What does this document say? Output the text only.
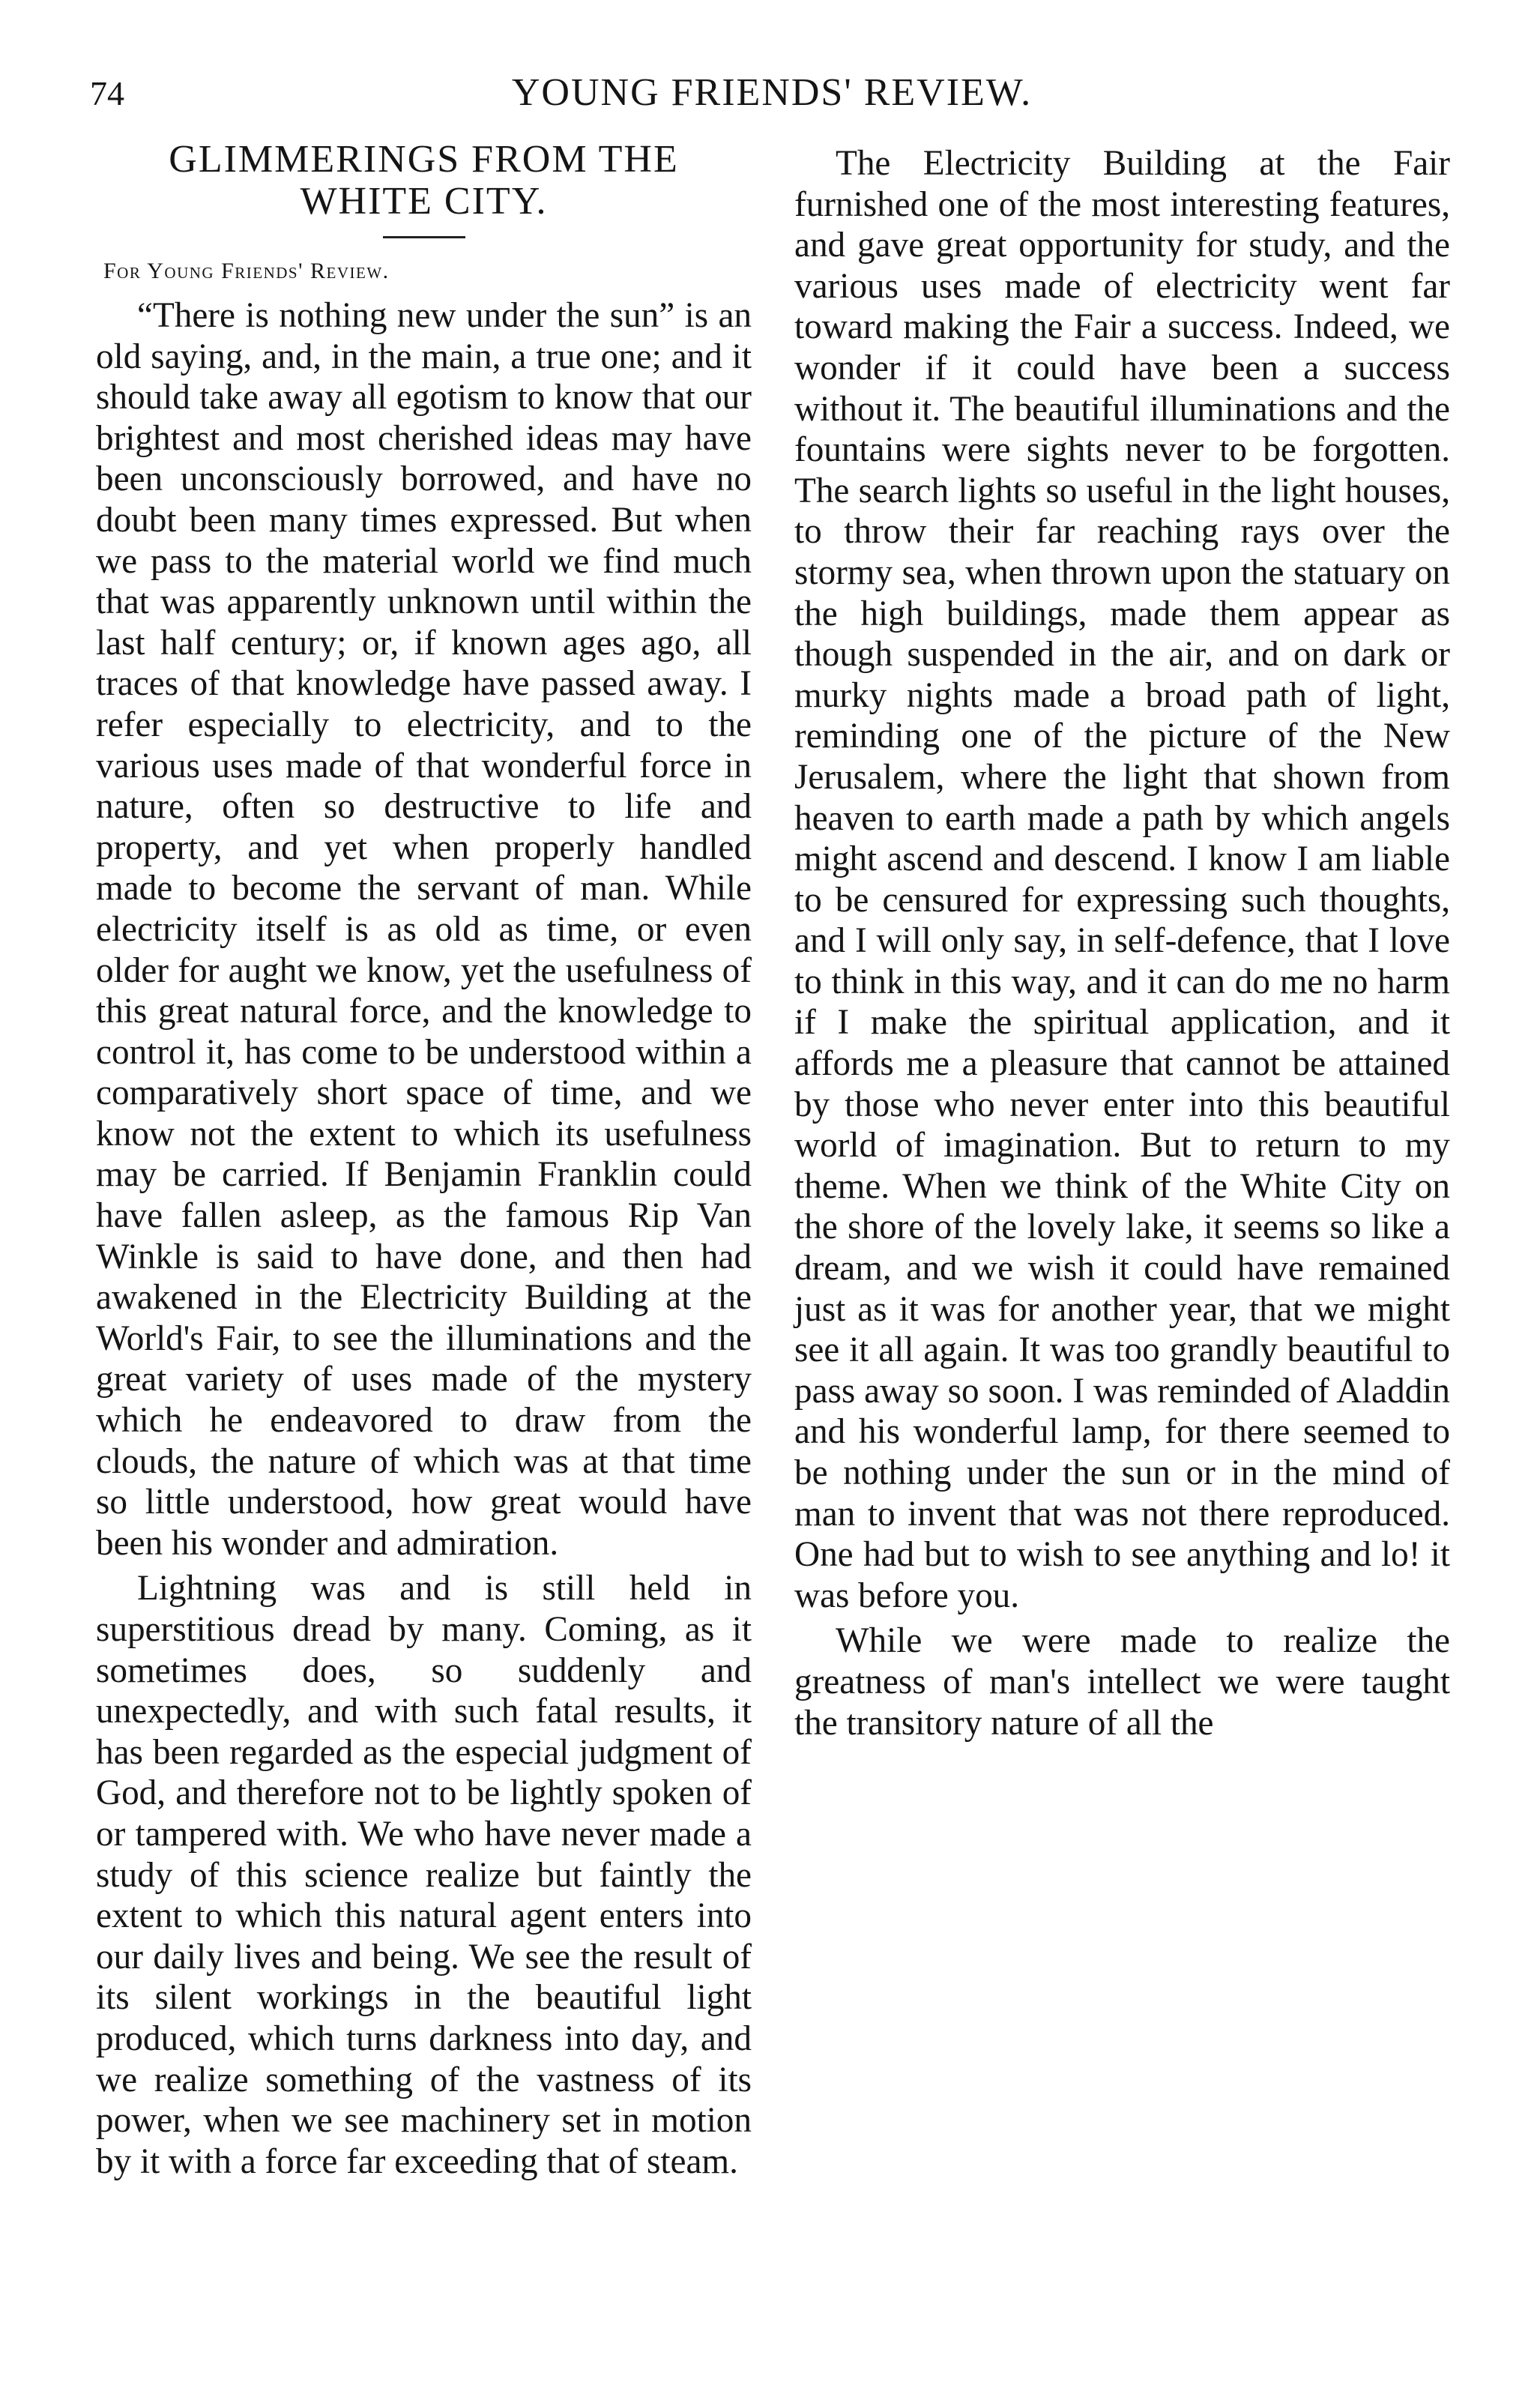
74	YOUNG FRIENDS' REVIEW.
GLIMMERINGS FROM THE
WHITE CITY.
For Young Friends' Review.

“There is nothing new under the sun” is an old saying, and, in the main, a true one; and it should take away all egotism to know that our brightest and most cherished ideas may have been unconsciously borrowed, and have no doubt been many times expressed. But when we pass to the material world we find much that was apparently unknown until within the last half century; or, if known ages ago, all traces of that knowledge have passed away. I refer especially to electricity, and to the various uses made of that wonderful force in nature, often so destructive to life and property, and yet when properly handled made to become the servant of man. While electricity itself is as old as time, or even older for aught we know, yet the usefulness of this great natural force, and the knowledge to control it, has come to be understood within a comparatively short space of time, and we know not the extent to which its usefulness may be carried. If Benjamin Franklin could have fallen asleep, as the famous Rip Van Winkle is said to have done, and then had awakened in the Electricity Building at the World's Fair, to see the illuminations and the great variety of uses made of the mystery which he endeavored to draw from the clouds, the nature of which was at that time so little understood, how great would have been his wonder and admiration.

Lightning was and is still held in superstitious dread by many. Coming, as it sometimes does, so suddenly and unexpectedly, and with such fatal results, it has been regarded as the especial judgment of God, and therefore not to be lightly spoken of or tampered with. We who have never made a study of this science realize but faintly the extent to which this natural agent enters into our daily lives and being. We see the result of its silent workings in the beautiful light produced, which turns darkness into day, and we realize something of the vastness of its power, when we see machinery set in motion by it with a force far exceeding that of steam.

The Electricity Building at the Fair furnished one of the most interesting features, and gave great opportunity for study, and the various uses made of electricity went far toward making the Fair a success. Indeed, we wonder if it could have been a success without it. The beautiful illuminations and the fountains were sights never to be forgotten. The search lights so useful in the light houses, to throw their far reaching rays over the stormy sea, when thrown upon the statuary on the high buildings, made them appear as though suspended in the air, and on dark or murky nights made a broad path of light, reminding one of the picture of the New Jerusalem, where the light that shown from heaven to earth made a path by which angels might ascend and descend. I know I am liable to be censured for expressing such thoughts, and I will only say, in self-defence, that I love to think in this way, and it can do me no harm if I make the spiritual application, and it affords me a pleasure that cannot be attained by those who never enter into this beautiful world of imagination. But to return to my theme. When we think of the White City on the shore of the lovely lake, it seems so like a dream, and we wish it could have remained just as it was for another year, that we might see it all again. It was too grandly beautiful to pass away so soon. I was reminded of Aladdin and his wonderful lamp, for there seemed to be nothing under the sun or in the mind of man to invent that was not there reproduced. One had but to wish to see anything and lo! it was before you.

While we were made to realize the greatness of man's intellect we were taught the transitory nature of all the
